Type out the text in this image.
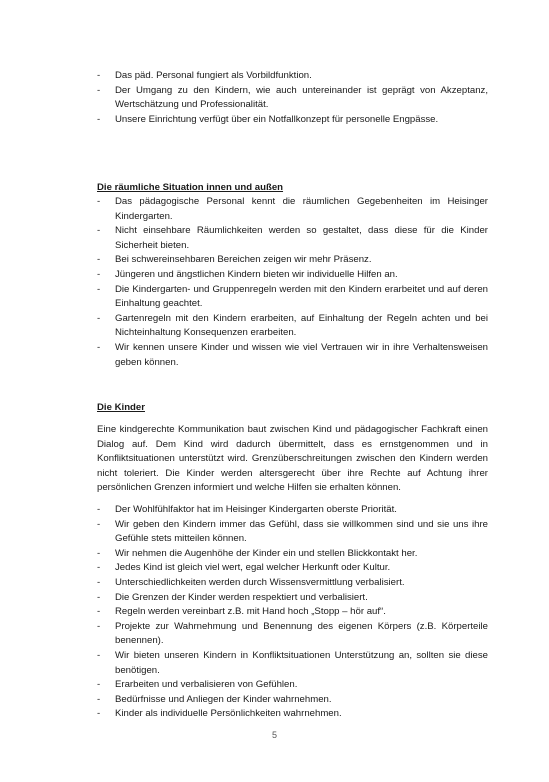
- Das päd. Personal fungiert als Vorbildfunktion.
- Der Umgang zu den Kindern, wie auch untereinander ist geprägt von Akzeptanz, Wertschätzung und Professionalität.
- Unsere Einrichtung verfügt über ein Notfallkonzept für personelle Engpässe.
Die räumliche Situation innen und außen
- Das pädagogische Personal kennt die räumlichen Gegebenheiten im Heisinger Kindergarten.
- Nicht einsehbare Räumlichkeiten werden so gestaltet, dass diese für die Kinder Sicherheit bieten.
- Bei schwereinsehbaren Bereichen zeigen wir mehr Präsenz.
- Jüngeren und ängstlichen Kindern bieten wir individuelle Hilfen an.
- Die Kindergarten- und Gruppenregeln werden mit den Kindern erarbeitet und auf deren Einhaltung geachtet.
- Gartenregeln mit den Kindern erarbeiten, auf Einhaltung der Regeln achten und bei Nichteinhaltung Konsequenzen erarbeiten.
- Wir kennen unsere Kinder und wissen wie viel Vertrauen wir in ihre Verhaltensweisen geben können.
Die Kinder
Eine kindgerechte Kommunikation baut zwischen Kind und pädagogischer Fachkraft einen Dialog auf. Dem Kind wird dadurch übermittelt, dass es ernstgenommen und in Konfliktsituationen unterstützt wird. Grenzüberschreitungen zwischen den Kindern werden nicht toleriert. Die Kinder werden altersgerecht über ihre Rechte auf Achtung ihrer persönlichen Grenzen informiert und welche Hilfen sie erhalten können.
- Der Wohlfühlfaktor hat im Heisinger Kindergarten oberste Priorität.
- Wir geben den Kindern immer das Gefühl, dass sie willkommen sind und sie uns ihre Gefühle stets mitteilen können.
- Wir nehmen die Augenhöhe der Kinder ein und stellen Blickkontakt her.
- Jedes Kind ist gleich viel wert, egal welcher Herkunft oder Kultur.
- Unterschiedlichkeiten werden durch Wissensvermittlung verbalisiert.
- Die Grenzen der Kinder werden respektiert und verbalisiert.
- Regeln werden vereinbart z.B. mit Hand hoch „Stopp – hör auf“.
- Projekte zur Wahrnehmung und Benennung des eigenen Körpers (z.B. Körperteile benennen).
- Wir bieten unseren Kindern in Konfliktsituationen Unterstützung an, sollten sie diese benötigen.
- Erarbeiten und verbalisieren von Gefühlen.
- Bedürfnisse und Anliegen der Kinder wahrnehmen.
- Kinder als individuelle Persönlichkeiten wahrnehmen.
5
